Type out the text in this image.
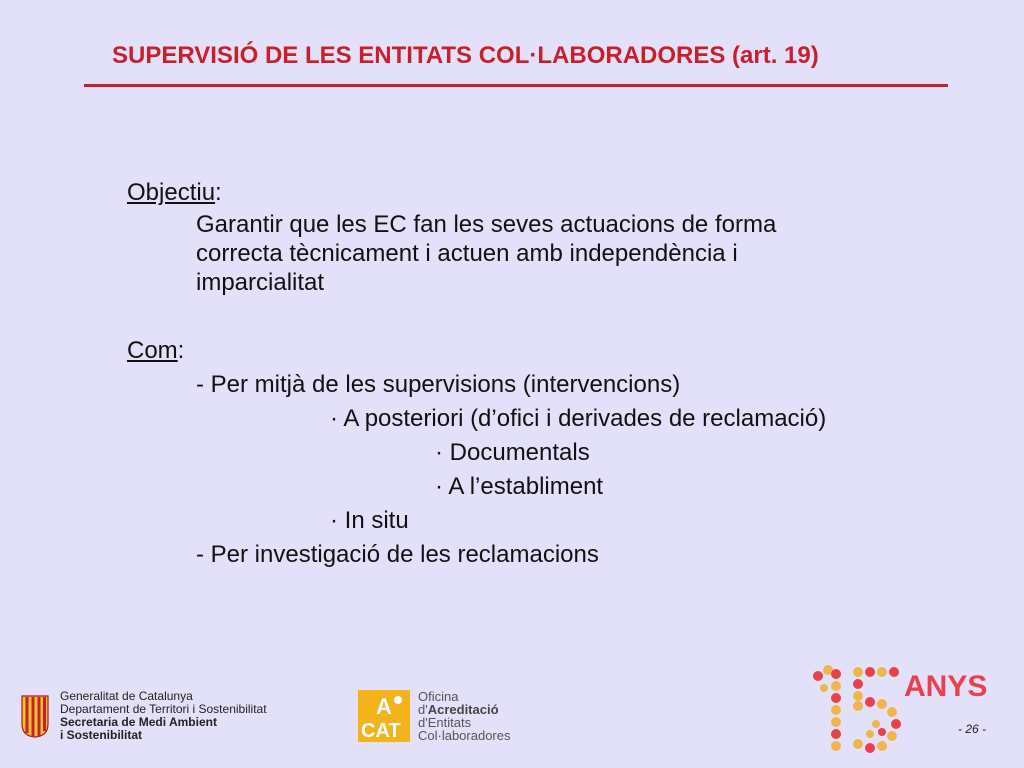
SUPERVISIÓ DE LES ENTITATS COL·LABORADORES (art. 19)
Objectiu:
Garantir que les EC fan les seves actuacions de forma
correcta tècnicament i actuen amb independència i
imparcialitat
Com:
- Per mitjà de les supervisions (intervencions)
· A posteriori (d’ofici i derivades de reclamació)
· Documentals
· A l’establiment
· In situ
- Per investigació de les reclamacions
Generalitat de Catalunya
Departament de Territori i Sostenibilitat
Secretaria de Medi Ambient
i Sostenibilitat
A
CAT
Oficina
d'Acreditació
d'Entitats
Col·laboradores
ANYS
- 26 -
